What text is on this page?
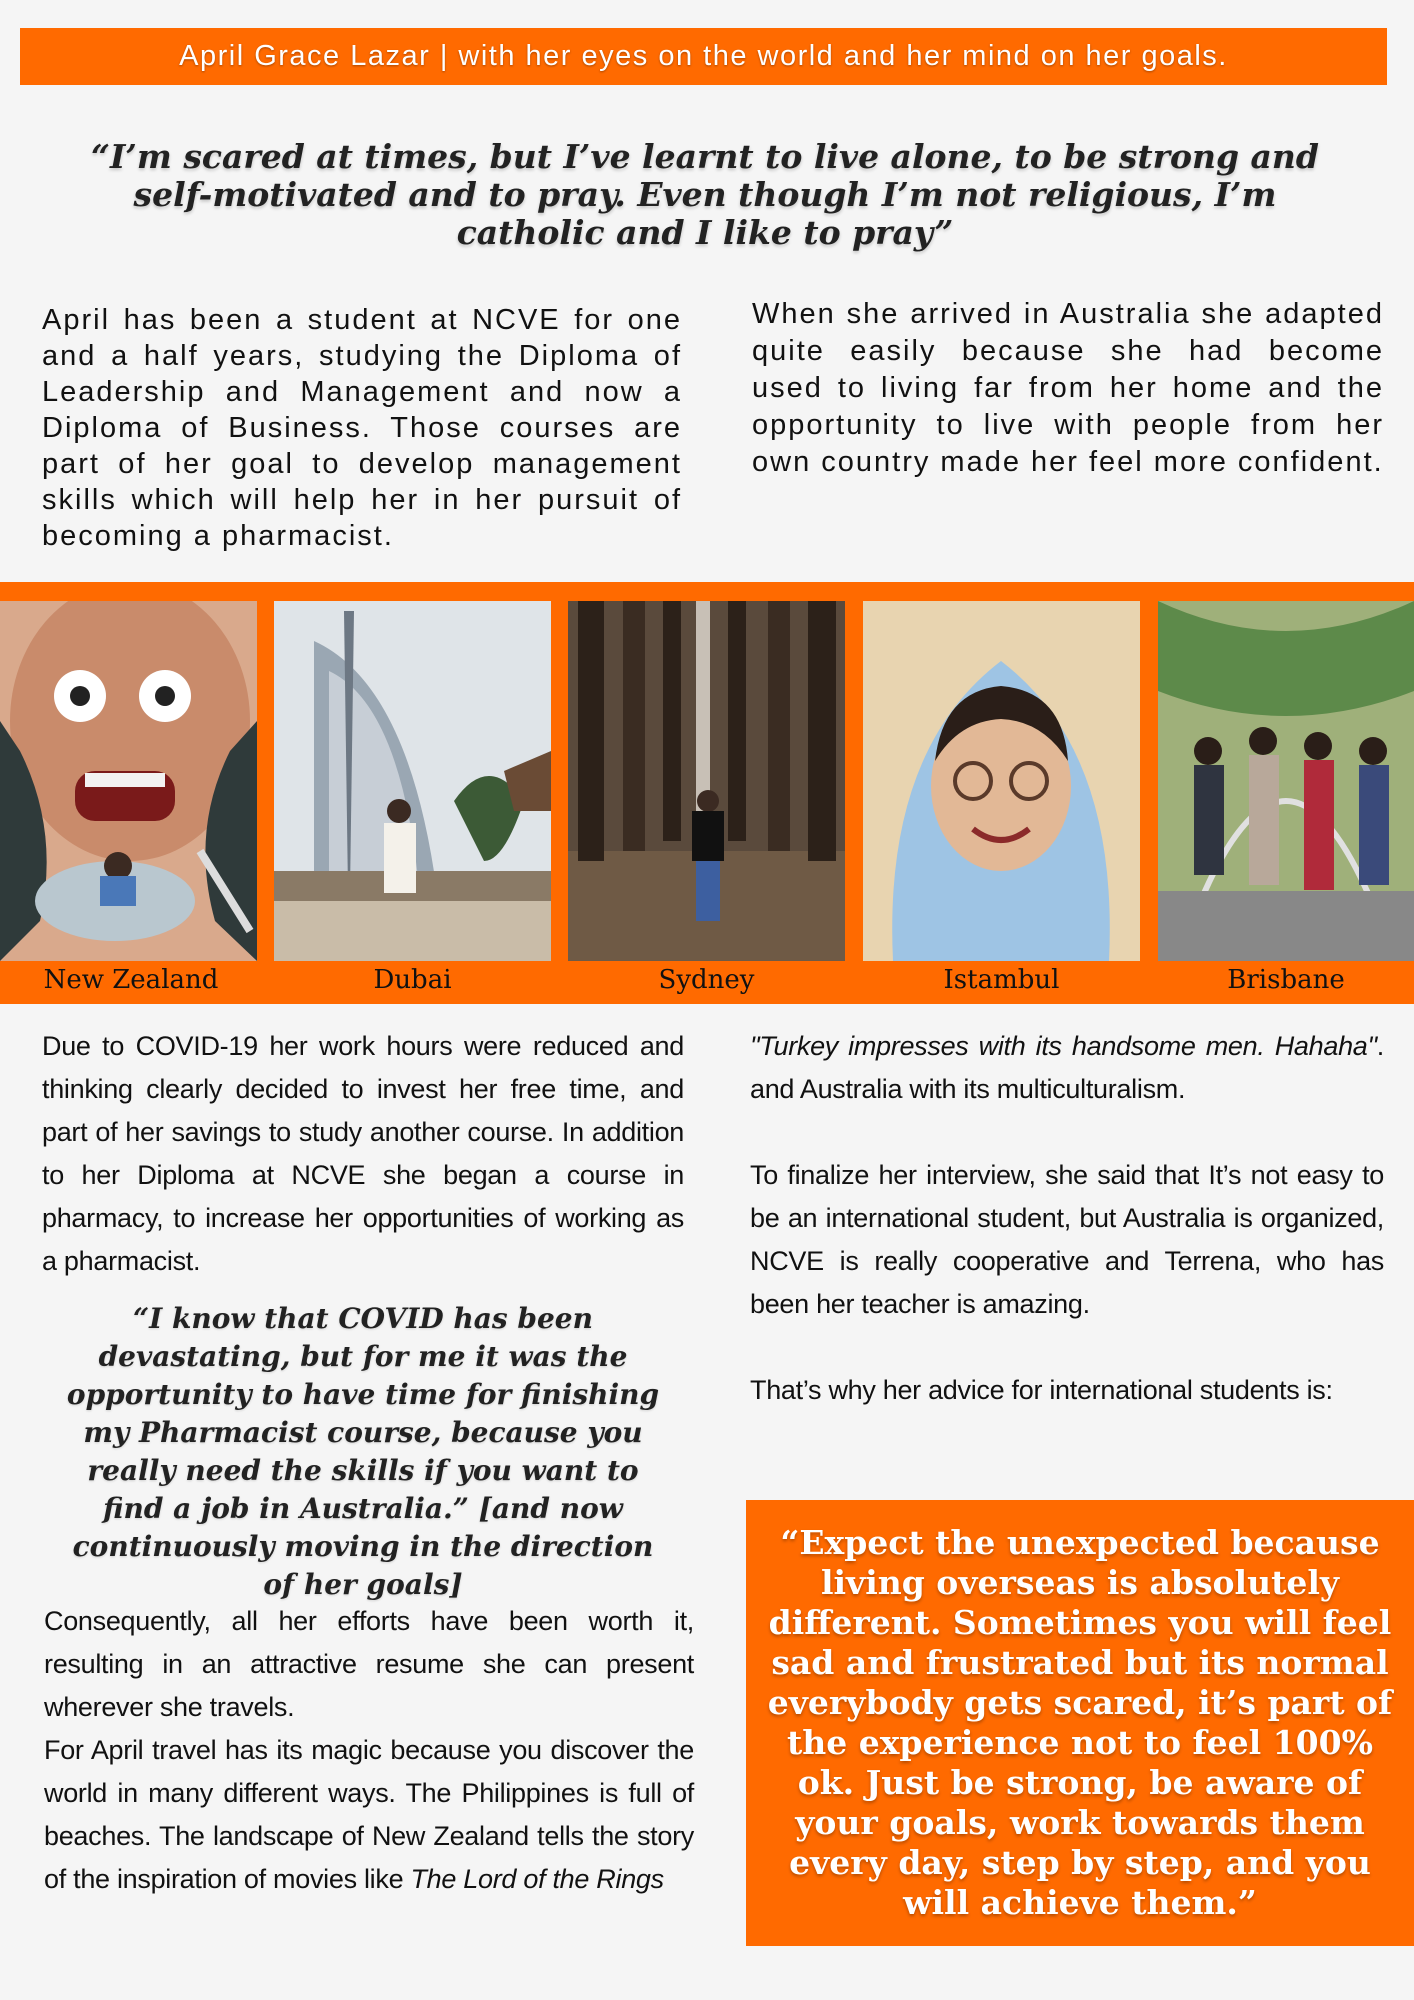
April Grace Lazar | with her eyes on the world and her mind on her goals.
“I’m scared at times, but I’ve learnt to live alone, to be strong and self-motivated and to pray. Even though I’m not religious, I’m catholic and I like to pray”

April has been a student at NCVE for one and a half years, studying the Diploma of Leadership and Management and now a Diploma of Business. Those courses are part of her goal to develop management skills which will help her in her pursuit of becoming a pharmacist.

When she arrived in Australia she adapted quite easily because she had become used to living far from her home and the opportunity to live with people from her own country made her feel more confident.

New Zealand	Dubai	Sydney	Istambul	Brisbane

Due to COVID-19 her work hours were reduced and thinking clearly decided to invest her free time, and part of her savings to study another course. In addition to her Diploma at NCVE she began a course in pharmacy, to increase her opportunities of working as a pharmacist.

“I know that COVID has been devastating, but for me it was the opportunity to have time for finishing my Pharmacist course, because you really need the skills if you want to find a job in Australia.” [and now continuously moving in the direction of her goals]

Consequently, all her efforts have been worth it, resulting in an attractive resume she can present wherever she travels.

For April travel has its magic because you discover the world in many different ways. The Philippines is full of beaches. The landscape of New Zealand tells the story of the inspiration of movies like The Lord of the Rings

"Turkey impresses with its handsome men. Hahaha". and Australia with its multiculturalism.

To finalize her interview, she said that It’s not easy to be an international student, but Australia is organized, NCVE is really cooperative and Terrena, who has been her teacher is amazing.

That’s why her advice for international students is:

“Expect the unexpected because living overseas is absolutely different. Sometimes you will feel sad and frustrated but its normal everybody gets scared, it’s part of the experience not to feel 100% ok. Just be strong, be aware of your goals, work towards them every day, step by step, and you will achieve them.”
